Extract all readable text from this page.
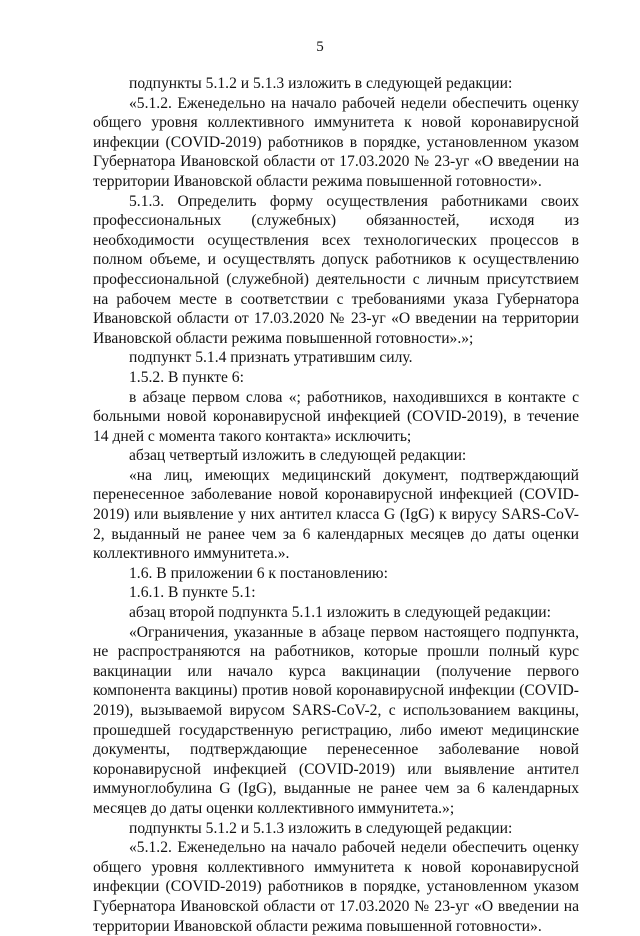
5

подпункты 5.1.2 и 5.1.3 изложить в следующей редакции:

«5.1.2. Еженедельно на начало рабочей недели обеспечить оценку общего уровня коллективного иммунитета к новой коронавирусной инфекции (COVID-2019) работников в порядке, установленном указом Губернатора Ивановской области от 17.03.2020 № 23-уг «О введении на территории Ивановской области режима повышенной готовности».

5.1.3. Определить форму осуществления работниками своих профессиональных (служебных) обязанностей, исходя из необходимости осуществления всех технологических процессов в полном объеме, и осуществлять допуск работников к осуществлению профессиональной (служебной) деятельности с личным присутствием на рабочем месте в соответствии с требованиями указа Губернатора Ивановской области от 17.03.2020 № 23-уг «О введении на территории Ивановской области режима повышенной готовности».»;

подпункт 5.1.4 признать утратившим силу.

1.5.2. В пункте 6:

в абзаце первом слова «; работников, находившихся в контакте с больными новой коронавирусной инфекцией (COVID-2019), в течение 14 дней с момента такого контакта» исключить;

абзац четвертый изложить в следующей редакции:

«на лиц, имеющих медицинский документ, подтверждающий перенесенное заболевание новой коронавирусной инфекцией (COVID-2019) или выявление у них антител класса G (IgG) к вирусу SARS-CoV-2, выданный не ранее чем за 6 календарных месяцев до даты оценки коллективного иммунитета.».

1.6. В приложении 6 к постановлению:

1.6.1. В пункте 5.1:

абзац второй подпункта 5.1.1 изложить в следующей редакции:

«Ограничения, указанные в абзаце первом настоящего подпункта, не распространяются на работников, которые прошли полный курс вакцинации или начало курса вакцинации (получение первого компонента вакцины) против новой коронавирусной инфекции (COVID-2019), вызываемой вирусом SARS-CoV-2, с использованием вакцины, прошедшей государственную регистрацию, либо имеют медицинские документы, подтверждающие перенесенное заболевание новой коронавирусной инфекцией (COVID-2019) или выявление антител иммуноглобулина G (IgG), выданные не ранее чем за 6 календарных месяцев до даты оценки коллективного иммунитета.»;

подпункты 5.1.2 и 5.1.3 изложить в следующей редакции:

«5.1.2. Еженедельно на начало рабочей недели обеспечить оценку общего уровня коллективного иммунитета к новой коронавирусной инфекции (COVID-2019) работников в порядке, установленном указом Губернатора Ивановской области от 17.03.2020 № 23-уг «О введении на территории Ивановской области режима повышенной готовности».
